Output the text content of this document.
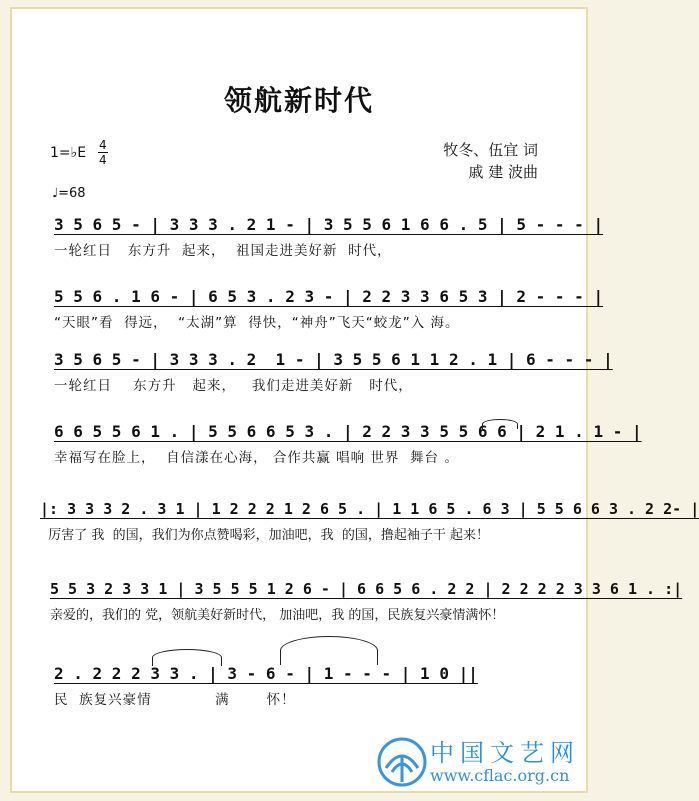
领航新时代
1=♭E 4
4
♩=68
牧冬、伍宜 词
戚 建 波曲
3 5 6 5 - | 3 3 3 . 2 1 - | 3 5 5 6 1 6 6 . 5 | 5 - - - |
一轮红日   东方升  起来，  祖国走进美好新  时代，
5 5 6 . 1 6 - | 6 5 3 . 2 3 - | 2 2 3 3 6 5 3 | 2 - - - |
“天眼”看  得远，  “太湖”算  得快，“神舟”飞天“蛟龙”入 海。
3 5 6 5 - | 3 3 3 . 2  1 - | 3 5 5 6 1 1 2 . 1 | 6 - - - |
一轮红日    东方升   起来，   我们走进美好新   时代，
6 6 5 5 6 1 . | 5 5 6 6 5 3 . | 2 2 3 3 5 5 6 6 | 2 1 . 1 - |
幸福写在脸上，  自信漾在心海， 合作共赢 唱响 世界  舞台 。
|: 3 3 3 2 . 3 1 | 1 2 2 2 1 2 6 5 . | 1 1 6 5 . 6 3 | 5 5 6 6 3 . 2 2- |
厉害了 我  的国，我们为你点赞喝彩，加油吧，我  的国，撸起袖子干 起来！
5 5 3 2 3 3 1 | 3 5 5 5 1 2 6 - | 6 6 5 6 . 2 2 | 2 2 2 2 3 3 6 1 . :|
亲爱的，我们的 党，领航美好新时代， 加油吧，我 的国，民族复兴豪情满怀！
2 . 2 2 2 3 3 . | 3 - 6 - | 1 - - - | 1 0 ||
民  族复兴豪情            满       怀！
中国文艺网
www.cflac.org.cn
